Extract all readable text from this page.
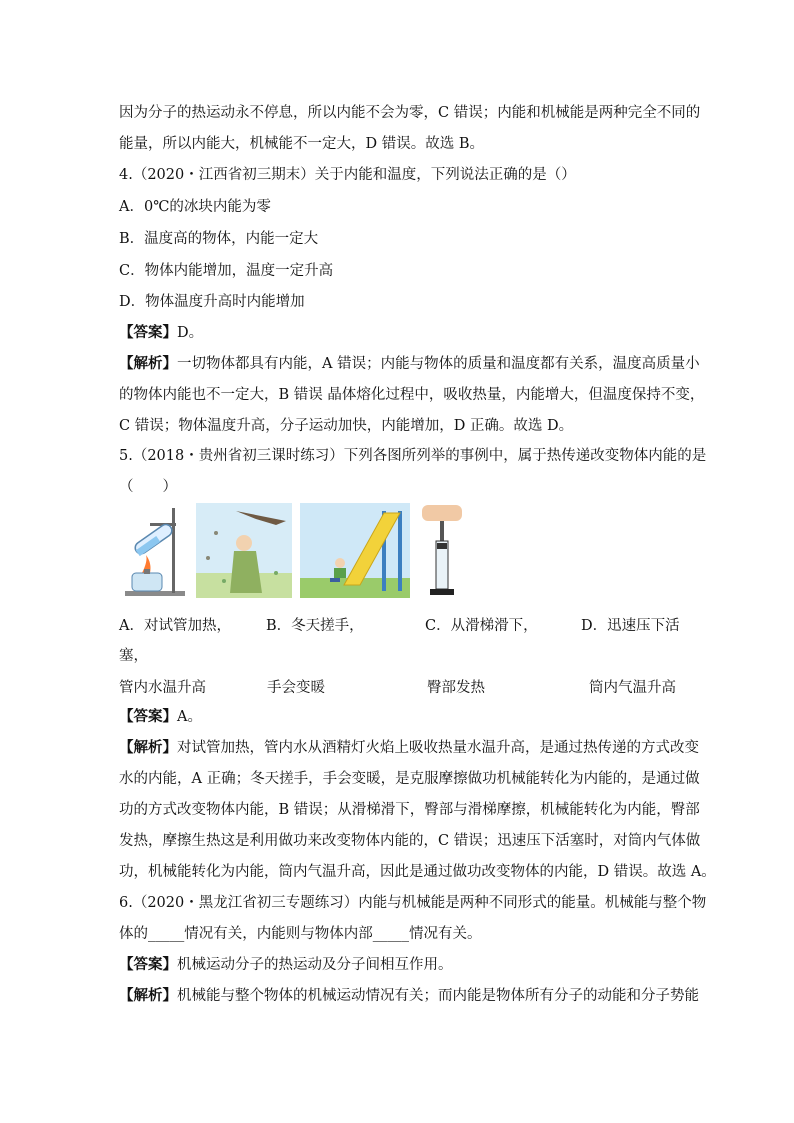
因为分子的热运动永不停息，所以内能不会为零，C 错误；内能和机械能是两种完全不同的
能量，所以内能大，机械能不一定大，D 错误。故选 B。
4.（2020・江西省初三期末）关于内能和温度，下列说法正确的是（）
A．0℃的冰块内能为零
B．温度高的物体，内能一定大
C．物体内能增加，温度一定升高
D．物体温度升高时内能增加
【答案】D。
【解析】一切物体都具有内能，A 错误；内能与物体的质量和温度都有关系，温度高质量小
的物体内能也不一定大，B 错误 晶体熔化过程中，吸收热量，内能增大，但温度保持不变，
C 错误；物体温度升高，分子运动加快，内能增加，D 正确。故选 D。
5.（2018・贵州省初三课时练习）下列各图所列举的事例中，属于热传递改变物体内能的是
（　　）
A．对试管加热， B．冬天搓手，	C．从滑梯滑下，	D．迅速压下活
塞，
管内水温升高	手会变暖	臀部发热	筒内气温升高
【答案】A。
【解析】对试管加热，管内水从酒精灯火焰上吸收热量水温升高，是通过热传递的方式改变
水的内能，A 正确；冬天搓手，手会变暖，是克服摩擦做功机械能转化为内能的，是通过做
功的方式改变物体内能，B 错误；从滑梯滑下，臀部与滑梯摩擦，机械能转化为内能，臀部
发热，摩擦生热这是利用做功来改变物体内能的，C 错误；迅速压下活塞时，对筒内气体做
功，机械能转化为内能，筒内气温升高，因此是通过做功改变物体的内能，D 错误。故选 A。
6.（2020・黑龙江省初三专题练习）内能与机械能是两种不同形式的能量。机械能与整个物
体的_____情况有关，内能则与物体内部_____情况有关。
【答案】机械运动分子的热运动及分子间相互作用。
【解析】机械能与整个物体的机械运动情况有关；而内能是物体所有分子的动能和分子势能
